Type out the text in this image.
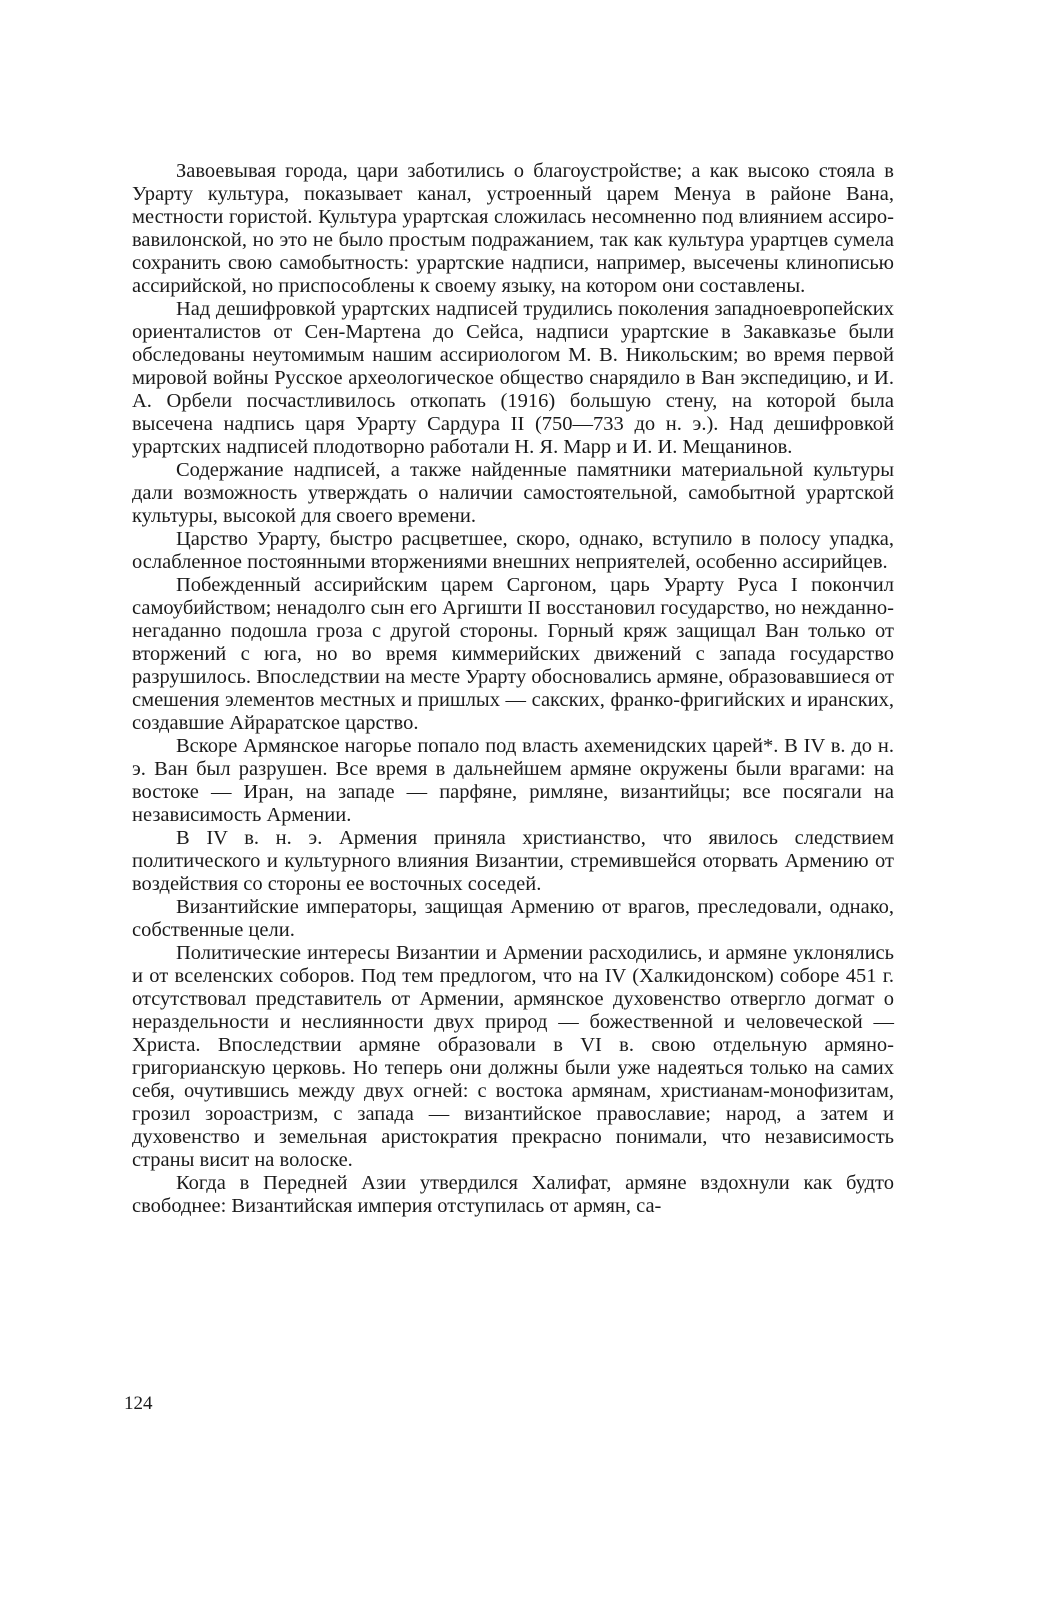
Завоевывая города, цари заботились о благоустройстве; а как высоко стояла в Урарту культура, показывает канал, устроенный царем Менуа в районе Вана, местности гористой. Культура урартская сложилась несомненно под влиянием ассиро-вавилонской, но это не было простым подражанием, так как культура урартцев сумела сохранить свою самобытность: урартские надписи, например, высечены клинописью ассирийской, но приспособлены к своему языку, на котором они составлены.

Над дешифровкой урартских надписей трудились поколения западноевропейских ориенталистов от Сен-Мартена до Сейса, надписи урартские в Закавказье были обследованы неутомимым нашим ассириологом М. В. Никольским; во время первой мировой войны Русское археологическое общество снарядило в Ван экспедицию, и И. А. Орбели посчастливилось откопать (1916) большую стену, на которой была высечена надпись царя Урарту Сардура II (750—733 до н. э.). Над дешифровкой урартских надписей плодотворно работали Н. Я. Марр и И. И. Мещанинов.

Содержание надписей, а также найденные памятники материальной культуры дали возможность утверждать о наличии самостоятельной, самобытной урартской культуры, высокой для своего времени.

Царство Урарту, быстро расцветшее, скоро, однако, вступило в полосу упадка, ослабленное постоянными вторжениями внешних неприятелей, особенно ассирийцев.

Побежденный ассирийским царем Саргоном, царь Урарту Руса I покончил самоубийством; ненадолго сын его Аргишти II восстановил государство, но нежданно-негаданно подошла гроза с другой стороны. Горный кряж защищал Ван только от вторжений с юга, но во время киммерийских движений с запада государство разрушилось. Впоследствии на месте Урарту обосновались армяне, образовавшиеся от смешения элементов местных и пришлых — сакских, франко-фригийских и иранских, создавшие Айраратское царство.

Вскоре Армянское нагорье попало под власть ахеменидских царей*. В IV в. до н. э. Ван был разрушен. Все время в дальнейшем армяне окружены были врагами: на востоке — Иран, на западе — парфяне, римляне, византийцы; все посягали на независимость Армении.

В IV в. н. э. Армения приняла христианство, что явилось следствием политического и культурного влияния Византии, стремившейся оторвать Армению от воздействия со стороны ее восточных соседей.

Византийские императоры, защищая Армению от врагов, преследовали, однако, собственные цели.

Политические интересы Византии и Армении расходились, и армяне уклонялись и от вселенских соборов. Под тем предлогом, что на IV (Халкидонском) соборе 451 г. отсутствовал представитель от Армении, армянское духовенство отвергло догмат о нераздельности и неслиянности двух природ — божественной и человеческой — Христа. Впоследствии армяне образовали в VI в. свою отдельную армяно-григорианскую церковь. Но теперь они должны были уже надеяться только на самих себя, очутившись между двух огней: с востока армянам, христианам-монофизитам, грозил зороастризм, с запада — византийское православие; народ, а затем и духовенство и земельная аристократия прекрасно понимали, что независимость страны висит на волоске.

Когда в Передней Азии утвердился Халифат, армяне вздохнули как будто свободнее: Византийская империя отступилась от армян, са-

124
